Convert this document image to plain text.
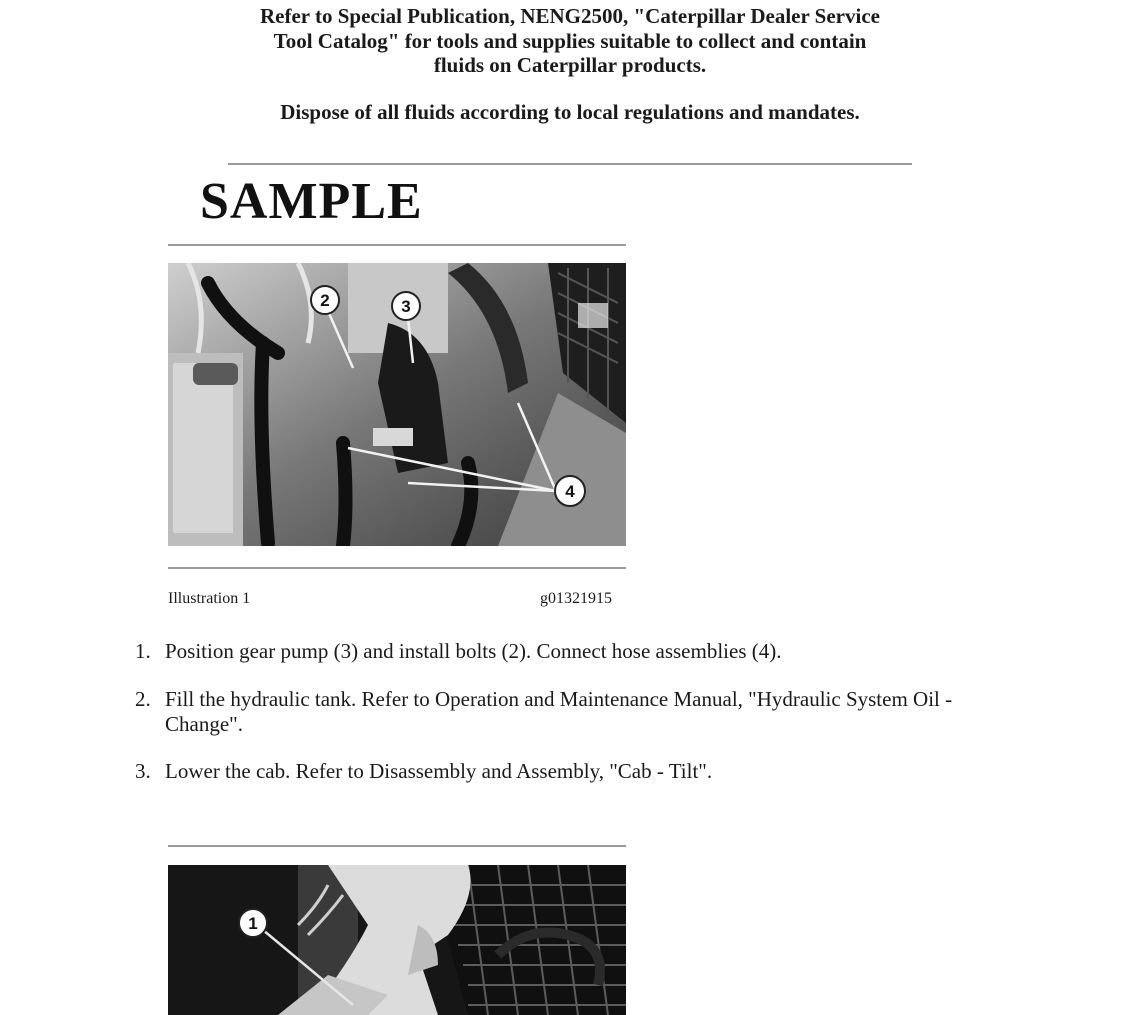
Refer to Special Publication, NENG2500, "Caterpillar Dealer Service

Tool Catalog" for tools and supplies suitable to collect and contain

fluids on Caterpillar products.

Dispose of all fluids according to local regulations and mandates.

SAMPLE
2	3
4
Illustration 1	g01321915
1. Position gear pump (3) and install bolts (2). Connect hose assemblies (4).
2. Fill the hydraulic tank. Refer to Operation and Maintenance Manual, "Hydraulic System Oil -
Change".
3. Lower the cab. Refer to Disassembly and Assembly, "Cab - Tilt".
1
